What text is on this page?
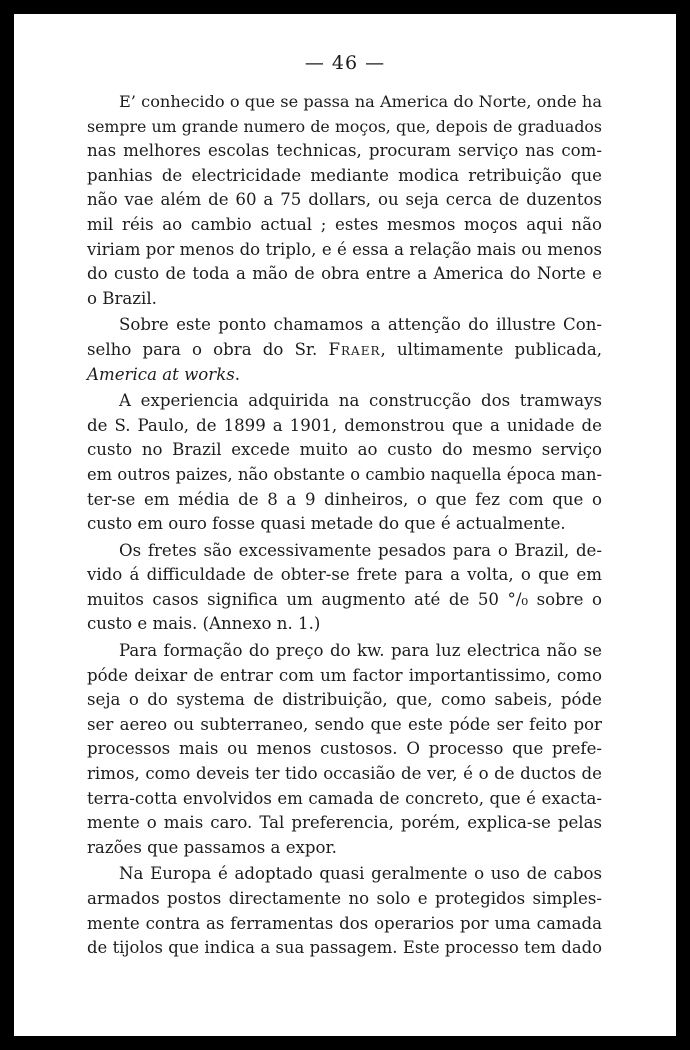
— 46 —
E’ conhecido o que se passa na America do Norte, onde ha
sempre um grande numero de moços, que, depois de graduados
nas melhores escolas technicas, procuram serviço nas com-
panhias de electricidade mediante modica retribuição que
não vae além de 60 a 75 dollars, ou seja cerca de duzentos
mil réis ao cambio actual ; estes mesmos moços aqui não
viriam por menos do triplo, e é essa a relação mais ou menos
do custo de toda a mão de obra entre a America do Norte e
o Brazil.
Sobre este ponto chamamos a attenção do illustre Con-
selho para o obra do Sr. Fraer, ultimamente publicada,
America at works.
A experiencia adquirida na construcção dos tramways
de S. Paulo, de 1899 a 1901, demonstrou que a unidade de
custo no Brazil excede muito ao custo do mesmo serviço
em outros paizes, não obstante o cambio naquella época man-
ter-se em média de 8 a 9 dinheiros, o que fez com que o
custo em ouro fosse quasi metade do que é actualmente.
Os fretes são excessivamente pesados para o Brazil, de-
vido á difficuldade de obter-se frete para a volta, o que em
muitos casos significa um augmento até de 50 °/₀ sobre o
custo e mais. (Annexo n. 1.)
Para formação do preço do kw. para luz electrica não se
póde deixar de entrar com um factor importantissimo, como
seja o do systema de distribuição, que, como sabeis, póde
ser aereo ou subterraneo, sendo que este póde ser feito por
processos mais ou menos custosos. O processo que prefe-
rimos, como deveis ter tido occasião de ver, é o de ductos de
terra-cotta envolvidos em camada de concreto, que é exacta-
mente o mais caro. Tal preferencia, porém, explica-se pelas
razões que passamos a expor.
Na Europa é adoptado quasi geralmente o uso de cabos
armados postos directamente no solo e protegidos simples-
mente contra as ferramentas dos operarios por uma camada
de tijolos que indica a sua passagem. Este processo tem dado
